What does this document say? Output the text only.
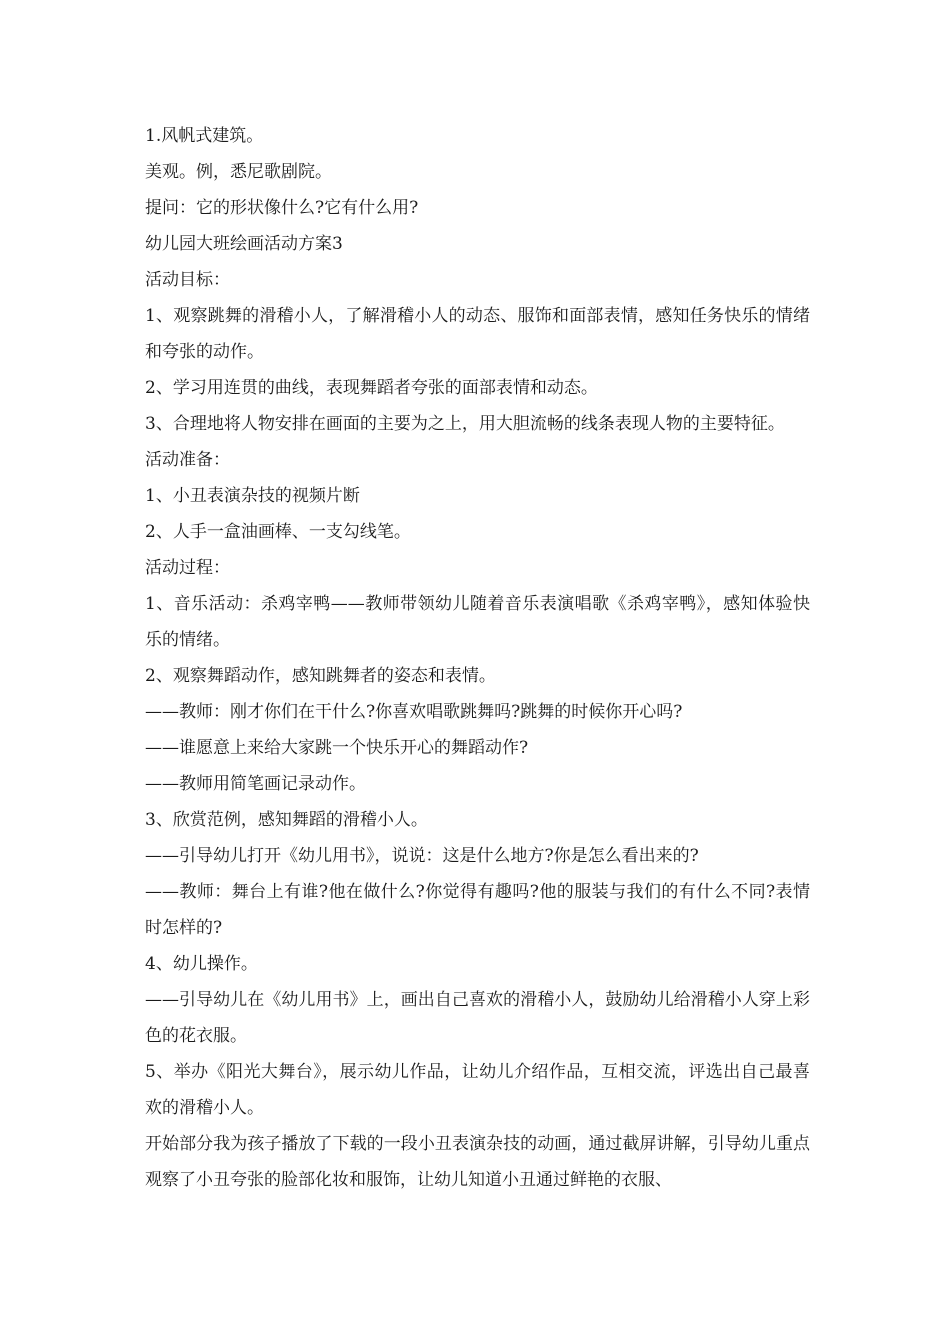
1.风帆式建筑。

美观。例，悉尼歌剧院。

提问：它的形状像什么?它有什么用?

幼儿园大班绘画活动方案3

活动目标：

1、观察跳舞的滑稽小人，了解滑稽小人的动态、服饰和面部表情，感知任务快乐的情绪和夸张的动作。

2、学习用连贯的曲线，表现舞蹈者夸张的面部表情和动态。

3、合理地将人物安排在画面的主要为之上，用大胆流畅的线条表现人物的主要特征。

活动准备：

1、小丑表演杂技的视频片断

2、人手一盒油画棒、一支勾线笔。

活动过程：

1、音乐活动：杀鸡宰鸭——教师带领幼儿随着音乐表演唱歌《杀鸡宰鸭》，感知体验快乐的情绪。

2、观察舞蹈动作，感知跳舞者的姿态和表情。

——教师：刚才你们在干什么?你喜欢唱歌跳舞吗?跳舞的时候你开心吗?

——谁愿意上来给大家跳一个快乐开心的舞蹈动作?

——教师用简笔画记录动作。

3、欣赏范例，感知舞蹈的滑稽小人。

——引导幼儿打开《幼儿用书》，说说：这是什么地方?你是怎么看出来的?

——教师：舞台上有谁?他在做什么?你觉得有趣吗?他的服装与我们的有什么不同?表情时怎样的?

4、幼儿操作。

——引导幼儿在《幼儿用书》上，画出自己喜欢的滑稽小人，鼓励幼儿给滑稽小人穿上彩色的花衣服。

5、举办《阳光大舞台》，展示幼儿作品，让幼儿介绍作品，互相交流，评选出自己最喜欢的滑稽小人。

开始部分我为孩子播放了下载的一段小丑表演杂技的动画，通过截屏讲解，引导幼儿重点观察了小丑夸张的脸部化妆和服饰，让幼儿知道小丑通过鲜艳的衣服、
